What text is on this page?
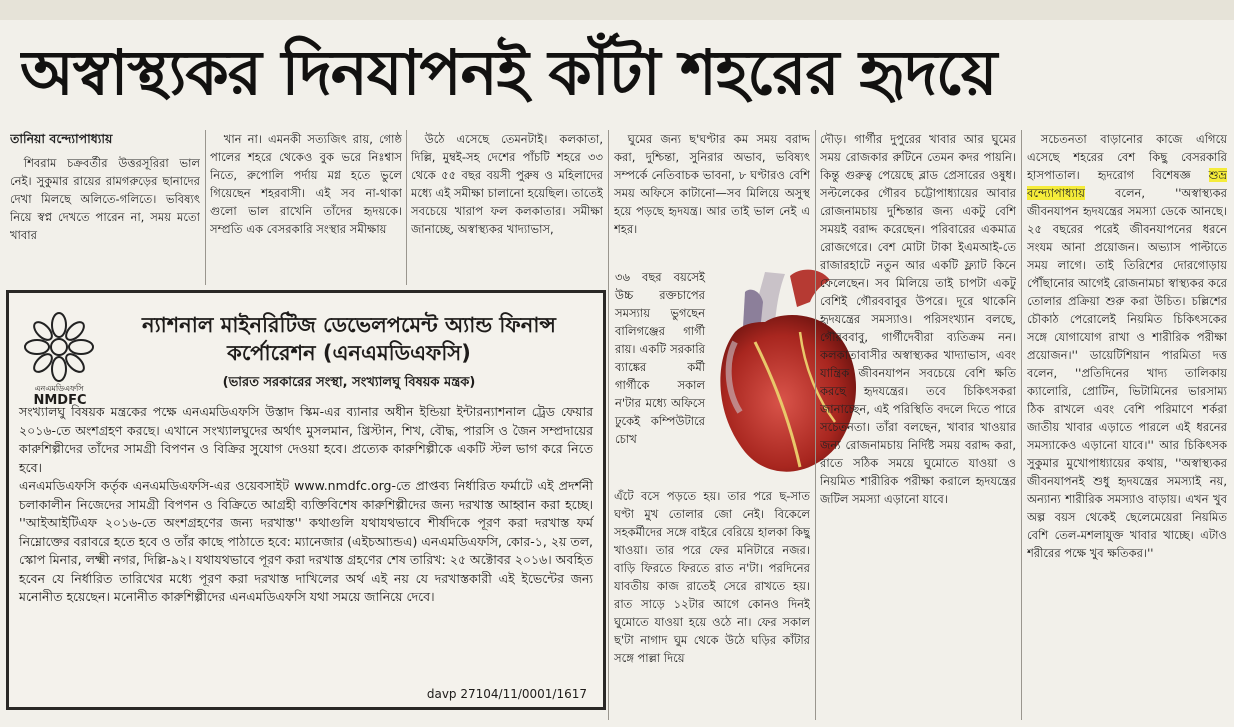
অস্বাস্থ্যকর দিনযাপনই কাঁটা শহরের হৃদয়ে

তানিয়া বন্দ্যোপাধ্যায়

শিবরাম চক্রবর্তীর উত্তরসূরিরা ভাল নেই। সুকুমার রায়ের রামগরুড়ের ছানাদের দেখা মিলছে অলিতে-গলিতে। ভবিষ্যৎ নিয়ে স্বপ্ন দেখতে পারেন না, সময় মতো খাবার

খান না। এমনকী সত্যজিৎ রায়, গোষ্ঠ পালের শহরে থেকেও বুক ভরে নিঃশ্বাস নিতে, রুপোলি পর্দায় মগ্ন হতে ভুলে গিয়েছেন শহরবাসী। এই সব না-থাকা গুলো ভাল রাখেনি তাঁদের হৃদয়কে। সম্প্রতি এক বেসরকারি সংস্থার সমীক্ষায়

উঠে এসেছে তেমনটাই। কলকাতা, দিল্লি, মুম্বই-সহ দেশের পাঁচটি শহরে ৩৩ থেকে ৫৫ বছর বয়সী পুরুষ ও মহিলাদের মধ্যে এই সমীক্ষা চালানো হয়েছিল। তাতেই সবচেয়ে খারাপ ফল কলকাতার। সমীক্ষা জানাচ্ছে, অস্বাস্থ্যকর খাদ্যাভাস,

ঘুমের জন্য ছ'ঘণ্টার কম সময় বরাদ্দ করা, দুশ্চিন্তা, সুনিরার অভাব, ভবিষ্যৎ সম্পর্কে নেতিবাচক ভাবনা, ৮ ঘণ্টারও বেশি সময় অফিসে কাটানো—সব মিলিয়ে অসুস্থ হয়ে পড়ছে হৃদযন্ত্র। আর তাই ভাল নেই এ শহর।

৩৬ বছর বয়সেই উচ্চ রক্তচাপের সমস্যায় ভুগছেন বালিগঞ্জের গার্গী রায়। একটি সরকারি ব্যাঙ্কের কর্মী গার্গীকে সকাল ন'টার মধ্যে অফিসে ঢুকেই কম্পিউটারে চোখ

এঁটে বসে পড়তে হয়। তার পরে ছ-সাত ঘণ্টা মুখ তোলার জো নেই। বিকেলে সহকর্মীদের সঙ্গে বাইরে বেরিয়ে হালকা কিছু খাওয়া। তার পরে ফের মনিটারে নজর। বাড়ি ফিরতে ফিরতে রাত ন'টা। পরদিনের যাবতীয় কাজ রাতেই সেরে রাখতে হয়। রাত সাড়ে ১২টার আগে কোনও দিনই ঘুমোতে যাওয়া হয়ে ওঠে না। ফের সকাল ছ'টা নাগাদ ঘুম থেকে উঠে ঘড়ির কাঁটার সঙ্গে পাল্লা দিয়ে

দৌড়। গার্গীর দুপুরের খাবার আর ঘুমের সময় রোজকার রুটিনে তেমন কদর পায়নি। কিন্তু গুরুত্ব পেয়েছে ব্লাড প্রেসারের ওষুধ। সল্টলেকের গৌরব চট্টোপাধ্যায়ের আবার রোজনামচায় দুশ্চিন্তার জন্য একটু বেশি সময়ই বরাদ্দ করেছেন। পরিবারের একমাত্র রোজগেরে। বেশ মোটা টাকা ইএমআই-তে রাজারহাটে নতুন আর একটি ফ্ল্যাট কিনে ফেলেছেন। সব মিলিয়ে তাই চাপটা একটু বেশিই গৌরববাবুর উপরে। দূরে থাকেনি হৃদযন্ত্রের সমস্যাও। পরিসংখ্যান বলছে, গৌরববাবু, গার্গীদেবীরা ব্যতিক্রম নন। কলকাতাবাসীর অস্বাস্থ্যকর খাদ্যাভাস, এবং যান্ত্রিক জীবনযাপন সবচেয়ে বেশি ক্ষতি করছে হৃদযন্ত্রের। তবে চিকিৎসকরা জানাচ্ছেন, এই পরিস্থিতি বদলে দিতে পারে সচেতনতা। তাঁরা বলছেন, খাবার খাওয়ার জন্য রোজনামচায় নির্দিষ্ট সময় বরাদ্দ করা, রাতে সঠিক সময়ে ঘুমোতে যাওয়া ও নিয়মিত শারীরিক পরীক্ষা করালে হৃদযন্ত্রের জটিল সমস্যা এড়ানো যাবে।

সচেতনতা বাড়ানোর কাজে এগিয়ে এসেছে শহরের বেশ কিছু বেসরকারি হাসপাতাল। হৃদরোগ বিশেষজ্ঞ শুভ্র বন্দ্যোপাধ্যায়	বলেন, ''অস্বাস্থ্যকর জীবনযাপন হৃদযন্ত্রের সমস্যা ডেকে আনছে। ২৫ বছরের পরেই জীবনযাপনের ধরনে সংযম আনা প্রয়োজন। অভ্যাস পাল্টাতে সময় লাগে। তাই তিরিশের দোরগোড়ায় পৌঁছানোর আগেই রোজনামচা স্বাস্থ্যকর করে তোলার প্রক্রিয়া শুরু করা উচিত। চল্লিশের চৌকাঠ পেরোলেই নিয়মিত চিকিৎসকের সঙ্গে যোগাযোগ রাখা ও শারীরিক পরীক্ষা প্রয়োজন।'' ডায়েটিশিয়ান পারমিতা দত্ত বলেন, ''প্রতিদিনের খাদ্য তালিকায় ক্যালোরি, প্রোটিন, ভিটামিনের ভারসাম্য ঠিক রাখলে এবং বেশি পরিমাণে শর্করা জাতীয় খাবার এড়াতে পারলে এই ধরনের সমস্যাকেও এড়ানো যাবে।'' আর চিকিৎসক সুকুমার মুখোপাধ্যায়ের কথায়, ''অস্বাস্থ্যকর জীবনযাপনই শুধু হৃদযন্ত্রের সমস্যাই নয়, অন্যান্য শারীরিক সমস্যাও বাড়ায়। এখন খুব অল্প বয়স থেকেই ছেলেমেয়েরা নিয়মিত বেশি তেল-মশলাযুক্ত খাবার খাচ্ছে। এটাও শরীরের পক্ষে খুব ক্ষতিকর।''

এনএমডিএফসি
NMDFC
ন্যাশনাল মাইনরিটিজ ডেভেলপমেন্ট অ্যান্ড ফিনান্স কর্পোরেশন (এনএমডিএফসি)
(ভারত সরকারের সংস্থা, সংখ্যালঘু বিষয়ক মন্ত্রক)

সংখ্যালঘু বিষয়ক মন্ত্রকের পক্ষে এনএমডিএফসি উস্তাদ স্কিম-এর ব্যানার অধীন ইন্ডিয়া ইন্টারন্যাশনাল ট্রেড ফেয়ার ২০১৬-তে অংশগ্রহণ করছে। এখানে সংখ্যালঘুদের অর্থাৎ মুসলমান, খ্রিস্টান, শিখ, বৌদ্ধ, পারসি ও জৈন সম্প্রদায়ের কারুশিল্পীদের তাঁদের সামগ্রী বিপণন ও বিক্রির সুযোগ দেওয়া হবে। প্রত্যেক কারুশিল্পীকে একটি স্টল ভাগ করে নিতে হবে।

এনএমডিএফসি কর্তৃক এনএমডিএফসি-এর ওয়েবসাইট www.nmdfc.org-তে প্রাপ্তব্য নির্ধারিত ফর্মাটে এই প্রদর্শনী চলাকালীন নিজেদের সামগ্রী বিপণন ও বিক্রিতে আগ্রহী ব্যক্তিবিশেষ কারুশিল্পীদের জন্য দরখাস্ত আহ্বান করা হচ্ছে। ''আইআইটিএফ ২০১৬-তে অংশগ্রহণের জন্য দরখাস্ত'' কথাগুলি যথাযথভাবে শীর্ষদিকে পূরণ করা দরখাস্ত ফর্ম নিম্নোক্তের বরাবরে হতে হবে ও তাঁর কাছে পাঠাতে হবে: ম্যানেজার (এইচআ্যন্ডএ) এনএমডিএফসি, কোর-১, ২য় তল, স্কোপ মিনার, লক্ষ্মী নগর, দিল্লি-৯২। যথাযথভাবে পূরণ করা দরখাস্ত গ্রহণের শেষ তারিখ: ২৫ অক্টোবর ২০১৬। অবহিত হবেন যে নির্ধারিত তারিখের মধ্যে পূরণ করা দরখাস্ত দাখিলের অর্থ এই নয় যে দরখাস্তকারী এই ইভেন্টের জন্য মনোনীত হয়েছেন। মনোনীত কারুশিল্পীদের এনএমডিএফসি যথা সময়ে জানিয়ে দেবে।

davp 27104/11/0001/1617
